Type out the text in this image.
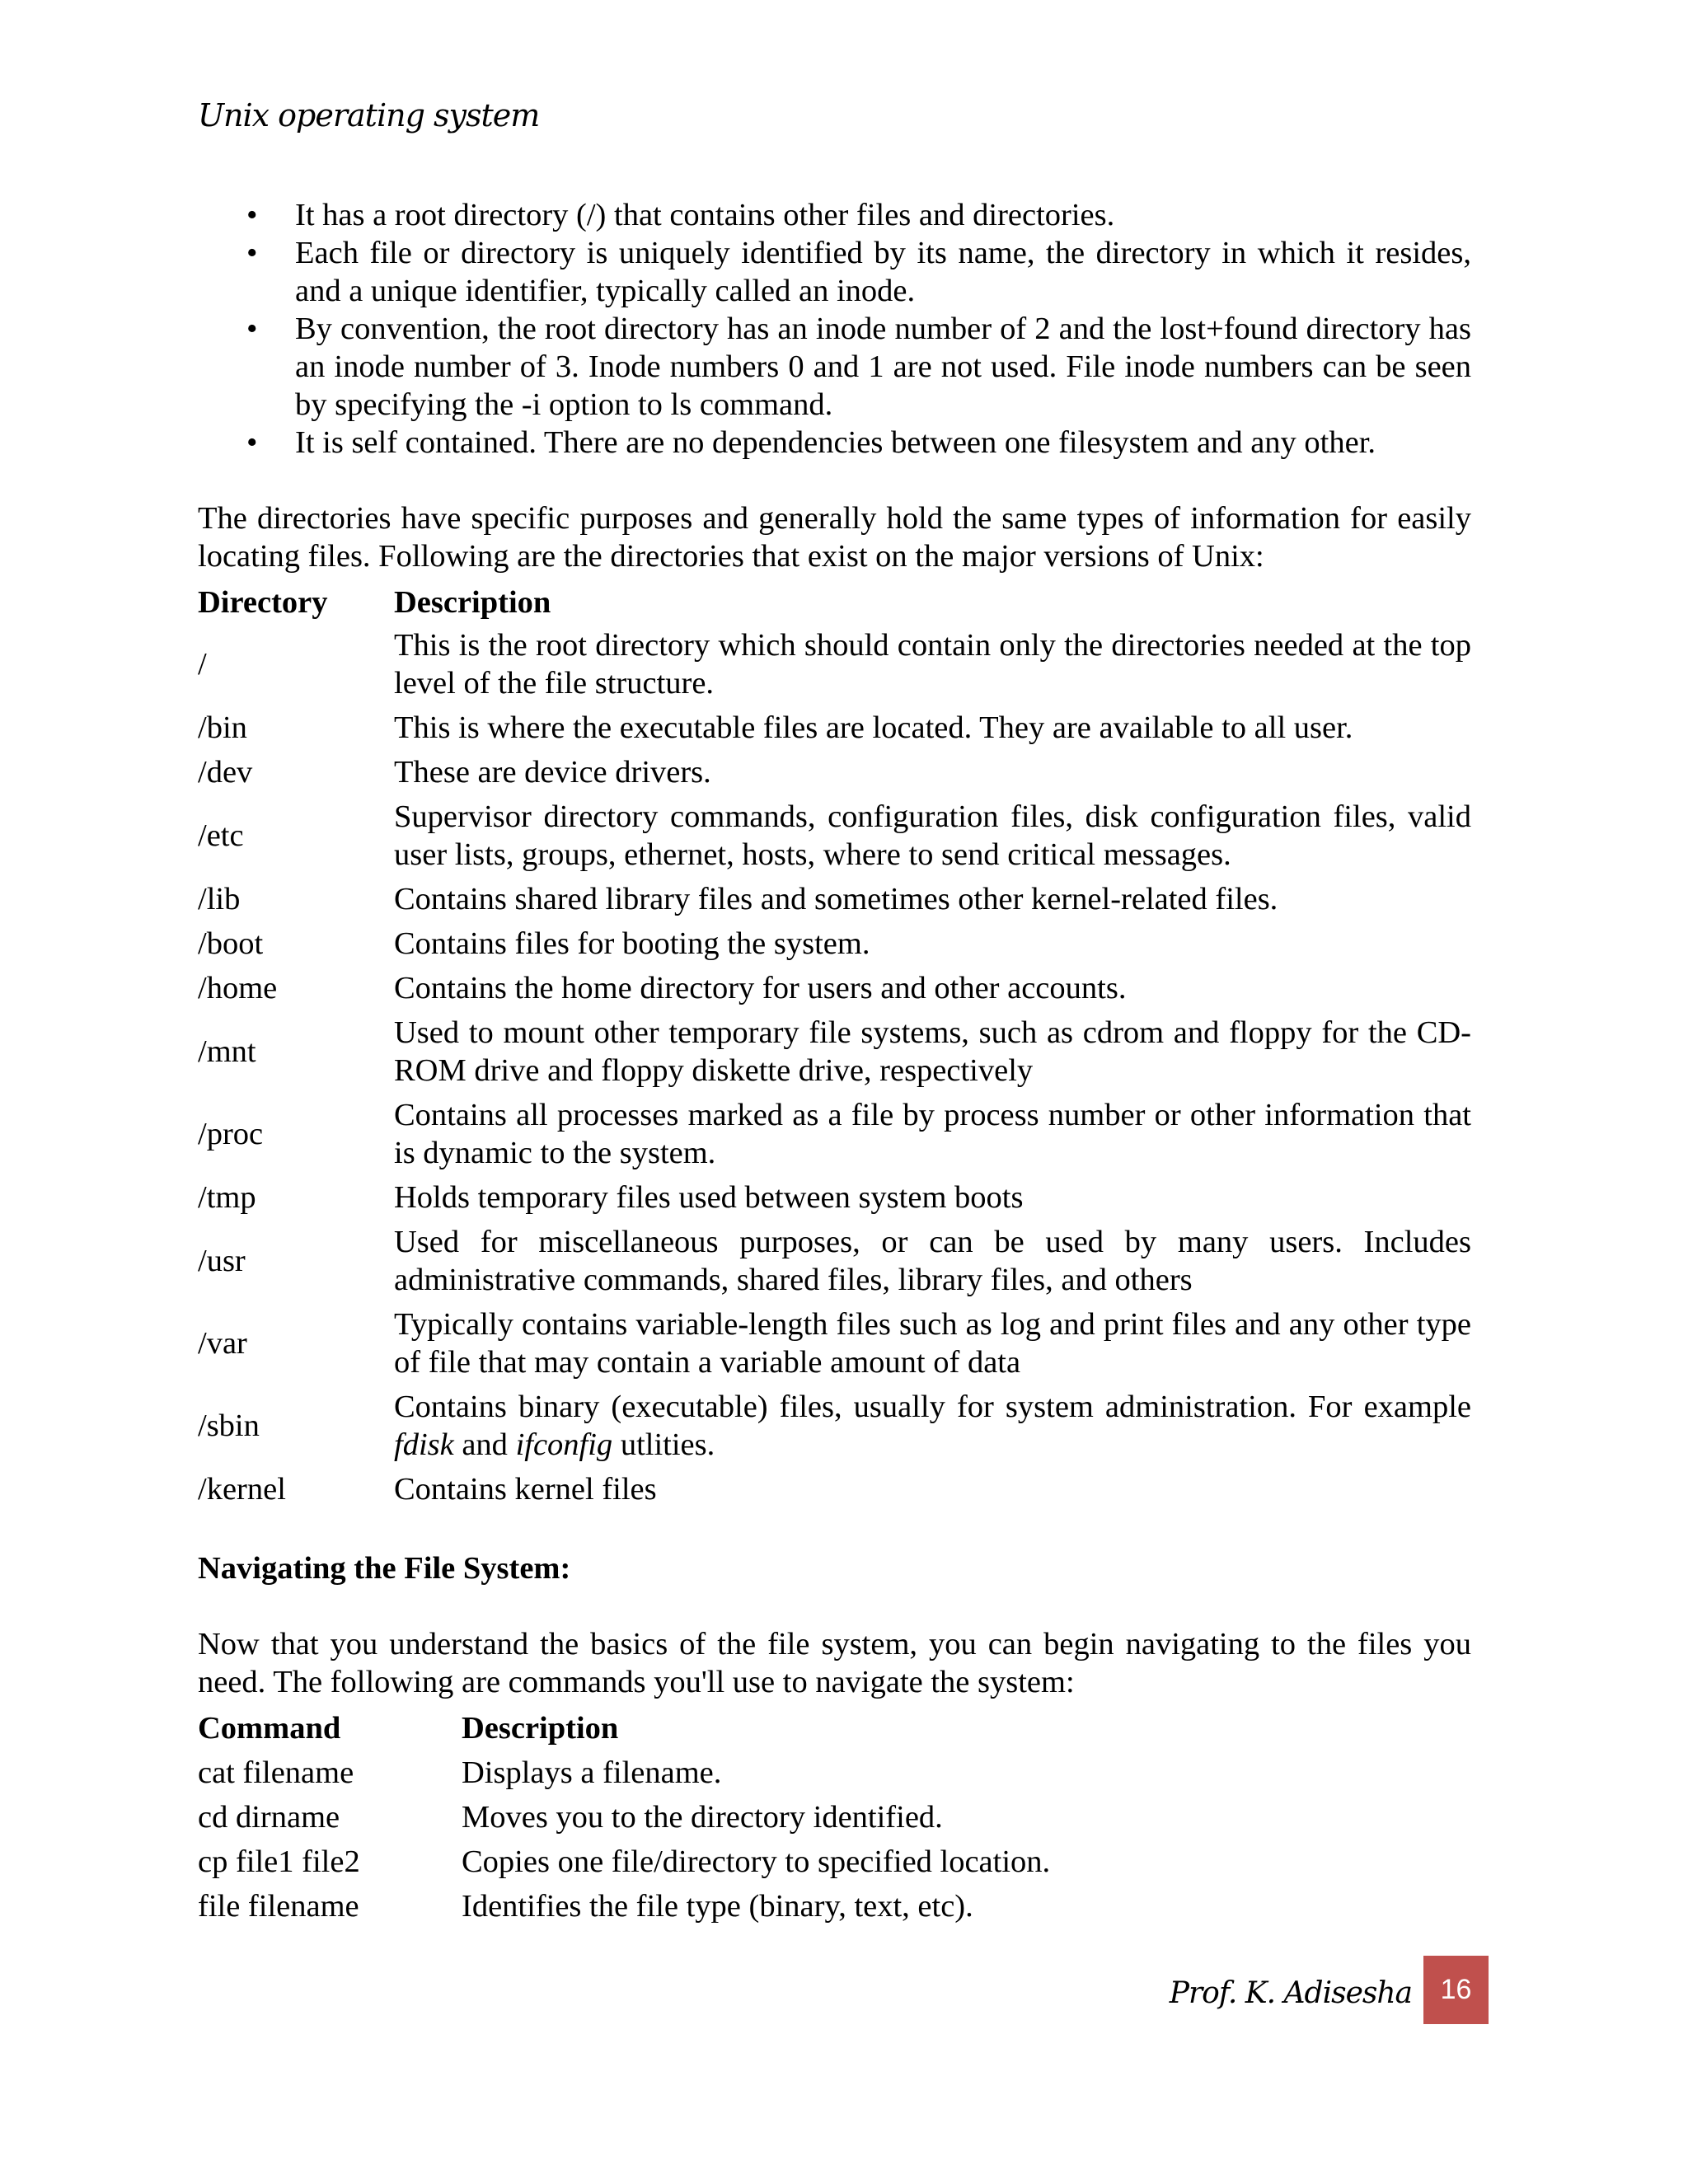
Unix operating system
• It has a root directory (/) that contains other files and directories.
• Each file or directory is uniquely identified by its name, the directory in which it resides, and a unique identifier, typically called an inode.
• By convention, the root directory has an inode number of 2 and the lost+found directory has an inode number of 3. Inode numbers 0 and 1 are not used. File inode numbers can be seen by specifying the -i option to ls command.
• It is self contained. There are no dependencies between one filesystem and any other.

The directories have specific purposes and generally hold the same types of information for easily locating files. Following are the directories that exist on the major versions of Unix:

Directory	Description
/	This is the root directory which should contain only the directories needed at the top level of the file structure.
/bin	This is where the executable files are located. They are available to all user.
/dev	These are device drivers.
/etc	Supervisor directory commands, configuration files, disk configuration files, valid user lists, groups, ethernet, hosts, where to send critical messages.
/lib	Contains shared library files and sometimes other kernel-related files.
/boot	Contains files for booting the system.
/home	Contains the home directory for users and other accounts.
/mnt	Used to mount other temporary file systems, such as cdrom and floppy for the CD-ROM drive and floppy diskette drive, respectively
/proc	Contains all processes marked as a file by process number or other information that is dynamic to the system.
/tmp	Holds temporary files used between system boots
/usr	Used for miscellaneous purposes, or can be used by many users. Includes administrative commands, shared files, library files, and others
/var	Typically contains variable-length files such as log and print files and any other type of file that may contain a variable amount of data
/sbin	Contains binary (executable) files, usually for system administration. For example fdisk and ifconfig utlities.
/kernel	Contains kernel files

Navigating the File System:

Now that you understand the basics of the file system, you can begin navigating to the files you need. The following are commands you'll use to navigate the system:

Command	Description
cat filename	Displays a filename.
cd dirname	Moves you to the directory identified.
cp file1 file2	Copies one file/directory to specified location.
file filename	Identifies the file type (binary, text, etc).
Prof. K. Adisesha	16
